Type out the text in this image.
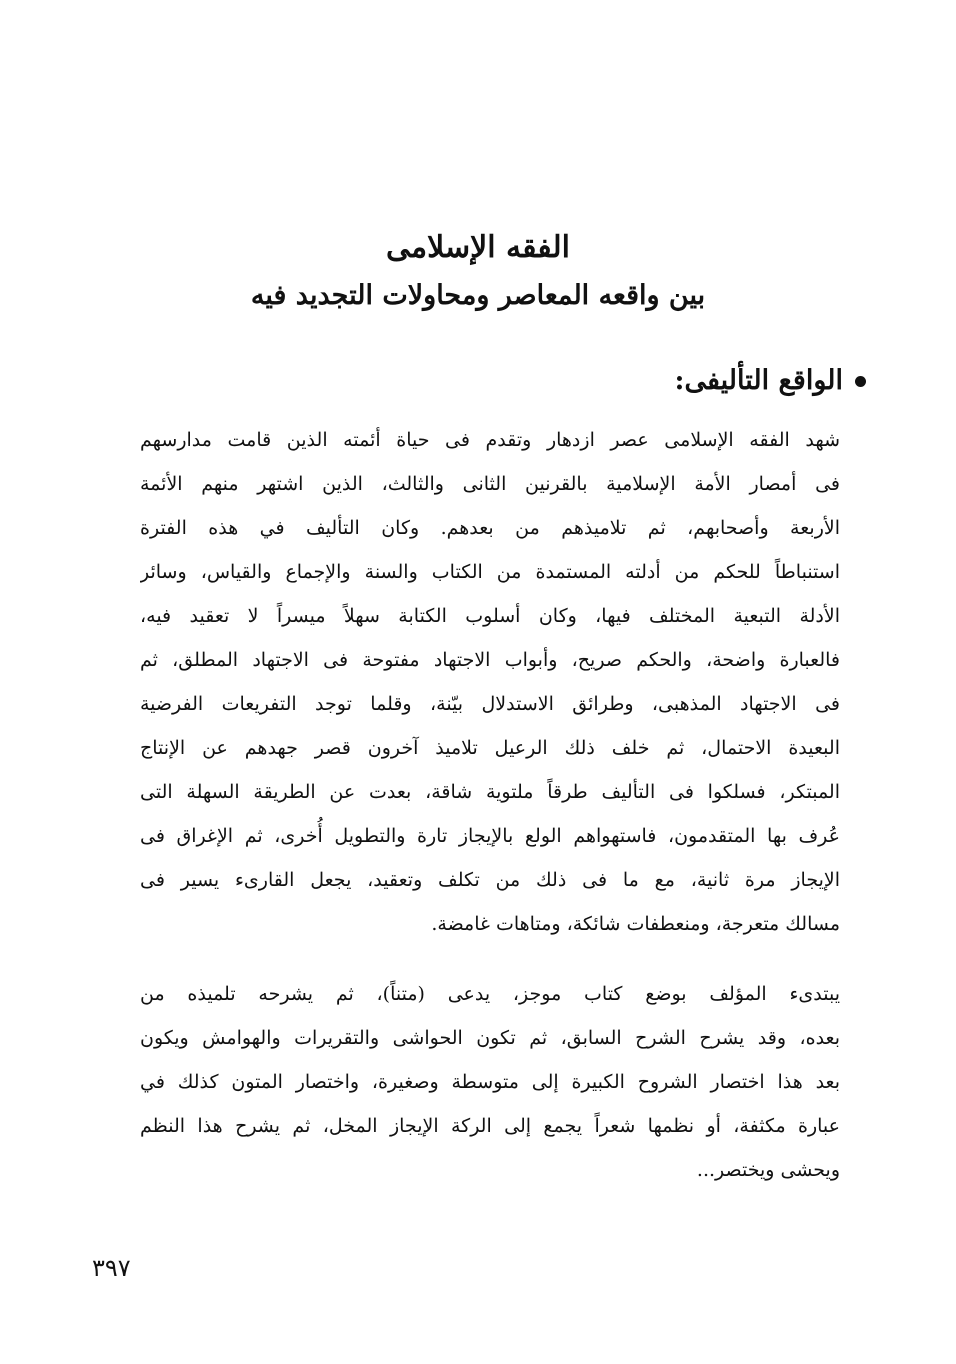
الفقه الإسلامى
بين واقعه المعاصر ومحاولات التجديد فيه
الواقع التأليفى:
شهد الفقه الإسلامى عصر ازدهار وتقدم فى حياة أئمته الذين قامت مدارسهم
فى أمصار الأمة الإسلامية بالقرنين الثانى والثالث، الذين اشتهر منهم الأئمة
الأربعة وأصحابهم، ثم تلاميذهم من بعدهم. وكان التأليف في هذه الفترة
استنباطاً للحكم من أدلته المستمدة من الكتاب والسنة والإجماع والقياس، وسائر
الأدلة التبعية المختلف فيها، وكان أسلوب الكتابة سهلاً ميسراً لا تعقيد فيه،
فالعبارة واضحة، والحكم صريح، وأبواب الاجتهاد مفتوحة فى الاجتهاد المطلق، ثم
فى الاجتهاد المذهبى، وطرائق الاستدلال بيّنة، وقلما توجد التفريعات الفرضية
البعيدة الاحتمال، ثم خلف ذلك الرعيل تلاميذ آخرون قصر جهدهم عن الإنتاج
المبتكر، فسلكوا فى التأليف طرقاً ملتوية شاقة، بعدت عن الطريقة السهلة التى
عُرف بها المتقدمون، فاستهواهم الولع بالإيجاز تارة والتطويل أُخرى، ثم الإغراق فى
الإيجاز مرة ثانية، مع ما فى ذلك من تكلف وتعقيد، يجعل القارىء يسير فى
مسالك متعرجة، ومنعطفات شائكة، ومتاهات غامضة.
يبتدىء المؤلف بوضع كتاب موجز، يدعى (متناً)، ثم يشرحه تلميذه من
بعده، وقد يشرح الشرح السابق، ثم تكون الحواشى والتقريرات والهوامش ويكون
بعد هذا اختصار الشروح الكبيرة إلى متوسطة وصغيرة، واختصار المتون كذلك في
عبارة مكثفة، أو نظمها شعراً يجمع إلى الركة الإيجاز المخل، ثم يشرح هذا النظم
ويحشى ويختصر...
٣٩٧
